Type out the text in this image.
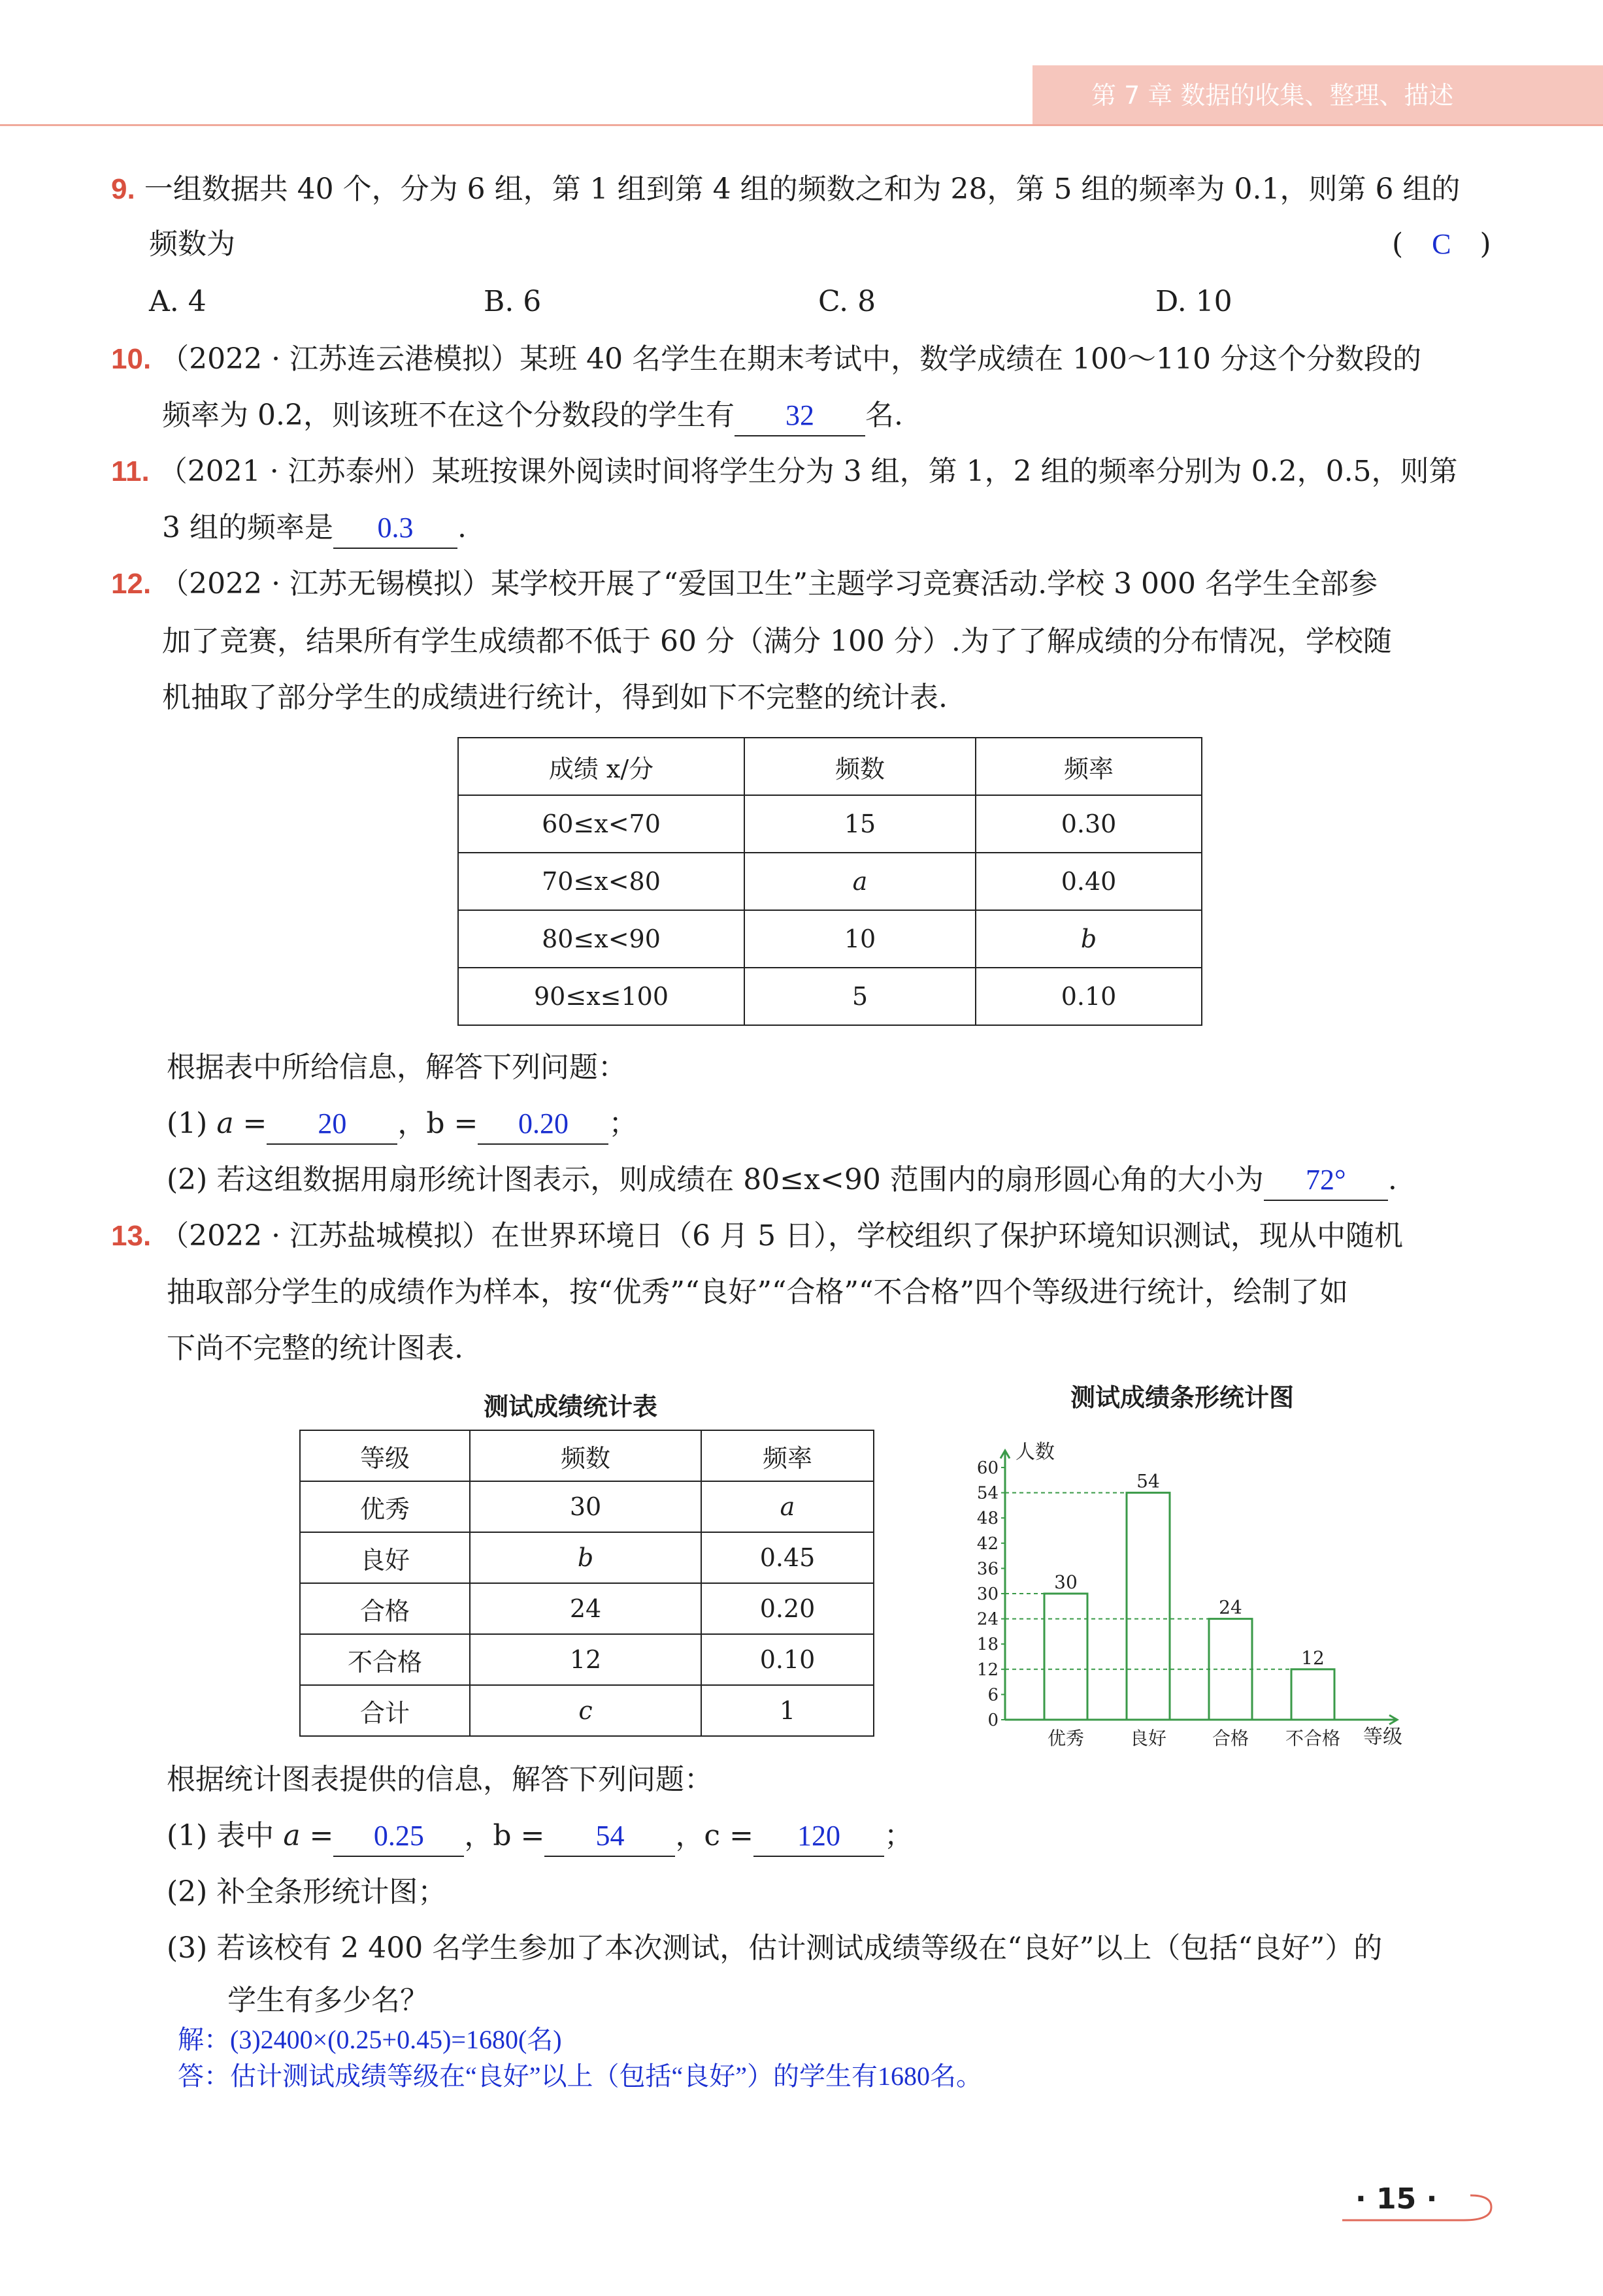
第 7 章 数据的收集、整理、描述
9. 一组数据共 40 个，分为 6 组，第 1 组到第 4 组的频数之和为 28，第 5 组的频率为 0.1，则第 6 组的
频数为	( C )
A. 4	B. 6	C. 8	D. 10
10. （2022 · 江苏连云港模拟）某班 40 名学生在期末考试中，数学成绩在 100～110 分这个分数段的
频率为 0.2，则该班不在这个分数段的学生有 32 名.
11. （2021 · 江苏泰州）某班按课外阅读时间将学生分为 3 组，第 1，2 组的频率分别为 0.2，0.5，则第
3 组的频率是 0.3 .
12. （2022 · 江苏无锡模拟）某学校开展了“爱国卫生”主题学习竞赛活动.学校 3 000 名学生全部参
加了竞赛，结果所有学生成绩都不低于 60 分（满分 100 分）.为了了解成绩的分布情况，学校随
机抽取了部分学生的成绩进行统计，得到如下不完整的统计表.
成绩 x/分	频数	频率
60≤x<70	15	0.30
70≤x<80	a	0.40
80≤x<90	10	b
90≤x≤100	5	0.10
根据表中所给信息，解答下列问题：
(1) a = 20 ，b = 0.20 ；
(2) 若这组数据用扇形统计图表示，则成绩在 80≤x<90 范围内的扇形圆心角的大小为 72° .
13. （2022 · 江苏盐城模拟）在世界环境日（6 月 5 日），学校组织了保护环境知识测试，现从中随机
抽取部分学生的成绩作为样本，按“优秀”“良好”“合格”“不合格”四个等级进行统计，绘制了如
下尚不完整的统计图表.
测试成绩统计表
等级	频数	频率
优秀	30	a
良好	b	0.45
合格	24	0.20
不合格	12	0.10
合计	c	1
测试成绩条形统计图
人数
等级
0
6
12
18
24
30
36
42
48
54
60
30
优秀
54
良好
24
合格
12
不合格
根据统计图表提供的信息，解答下列问题：
(1) 表中 a = 0.25 ，b = 54 ，c = 120 ；
(2) 补全条形统计图；
(3) 若该校有 2 400 名学生参加了本次测试，估计测试成绩等级在“良好”以上（包括“良好”）的
学生有多少名？
解：(3)2400×(0.25+0.45)=1680(名)
答：估计测试成绩等级在“良好”以上（包括“良好”）的学生有1680名。
· 15 ·
